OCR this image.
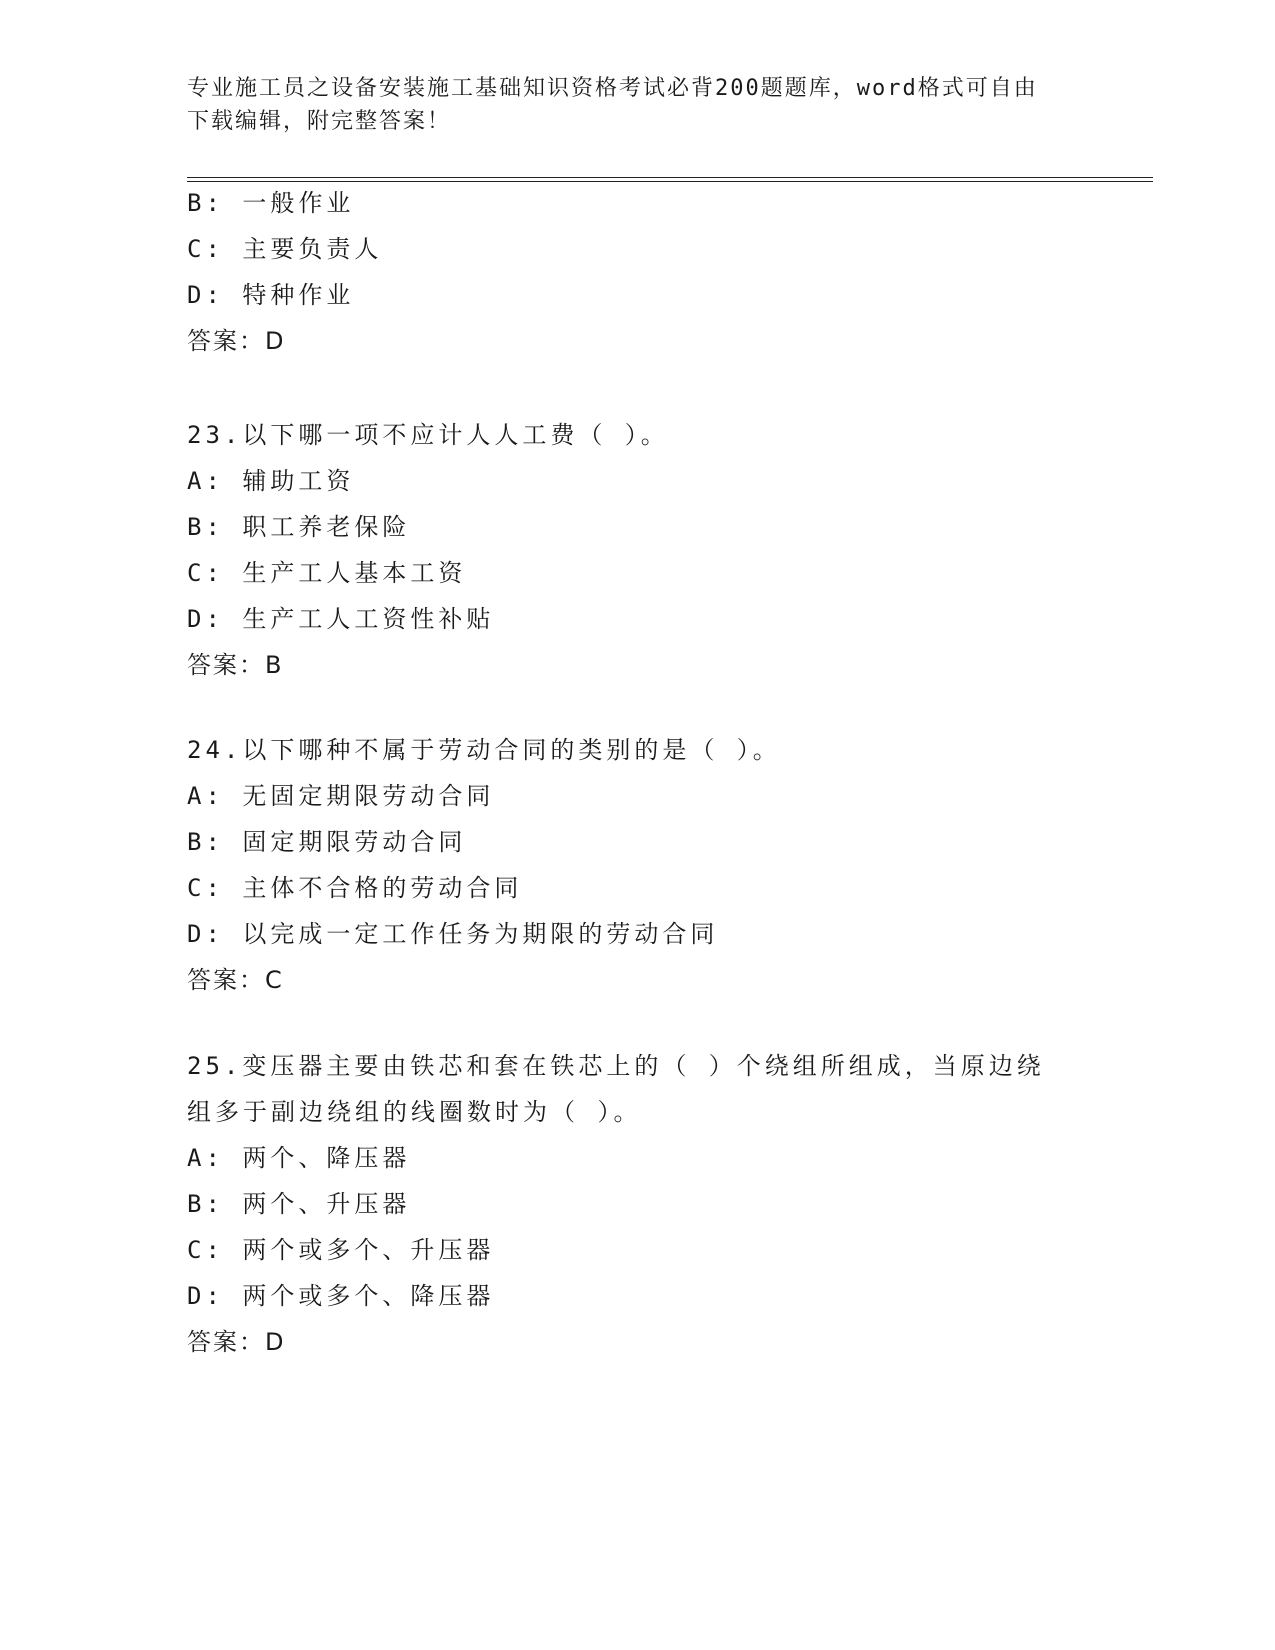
专业施工员之设备安装施工基础知识资格考试必背200题题库，word格式可自由
下载编辑，附完整答案！
B: 一般作业
C: 主要负责人
D: 特种作业
答案：D
23.以下哪一项不应计人人工费（ ）。
A: 辅助工资
B: 职工养老保险
C: 生产工人基本工资
D: 生产工人工资性补贴
答案：B
24.以下哪种不属于劳动合同的类别的是（ ）。
A: 无固定期限劳动合同
B: 固定期限劳动合同
C: 主体不合格的劳动合同
D: 以完成一定工作任务为期限的劳动合同
答案：C
25.变压器主要由铁芯和套在铁芯上的（ ）个绕组所组成，当原边绕
组多于副边绕组的线圈数时为（ ）。
A: 两个、降压器
B: 两个、升压器
C: 两个或多个、升压器
D: 两个或多个、降压器
答案：D
